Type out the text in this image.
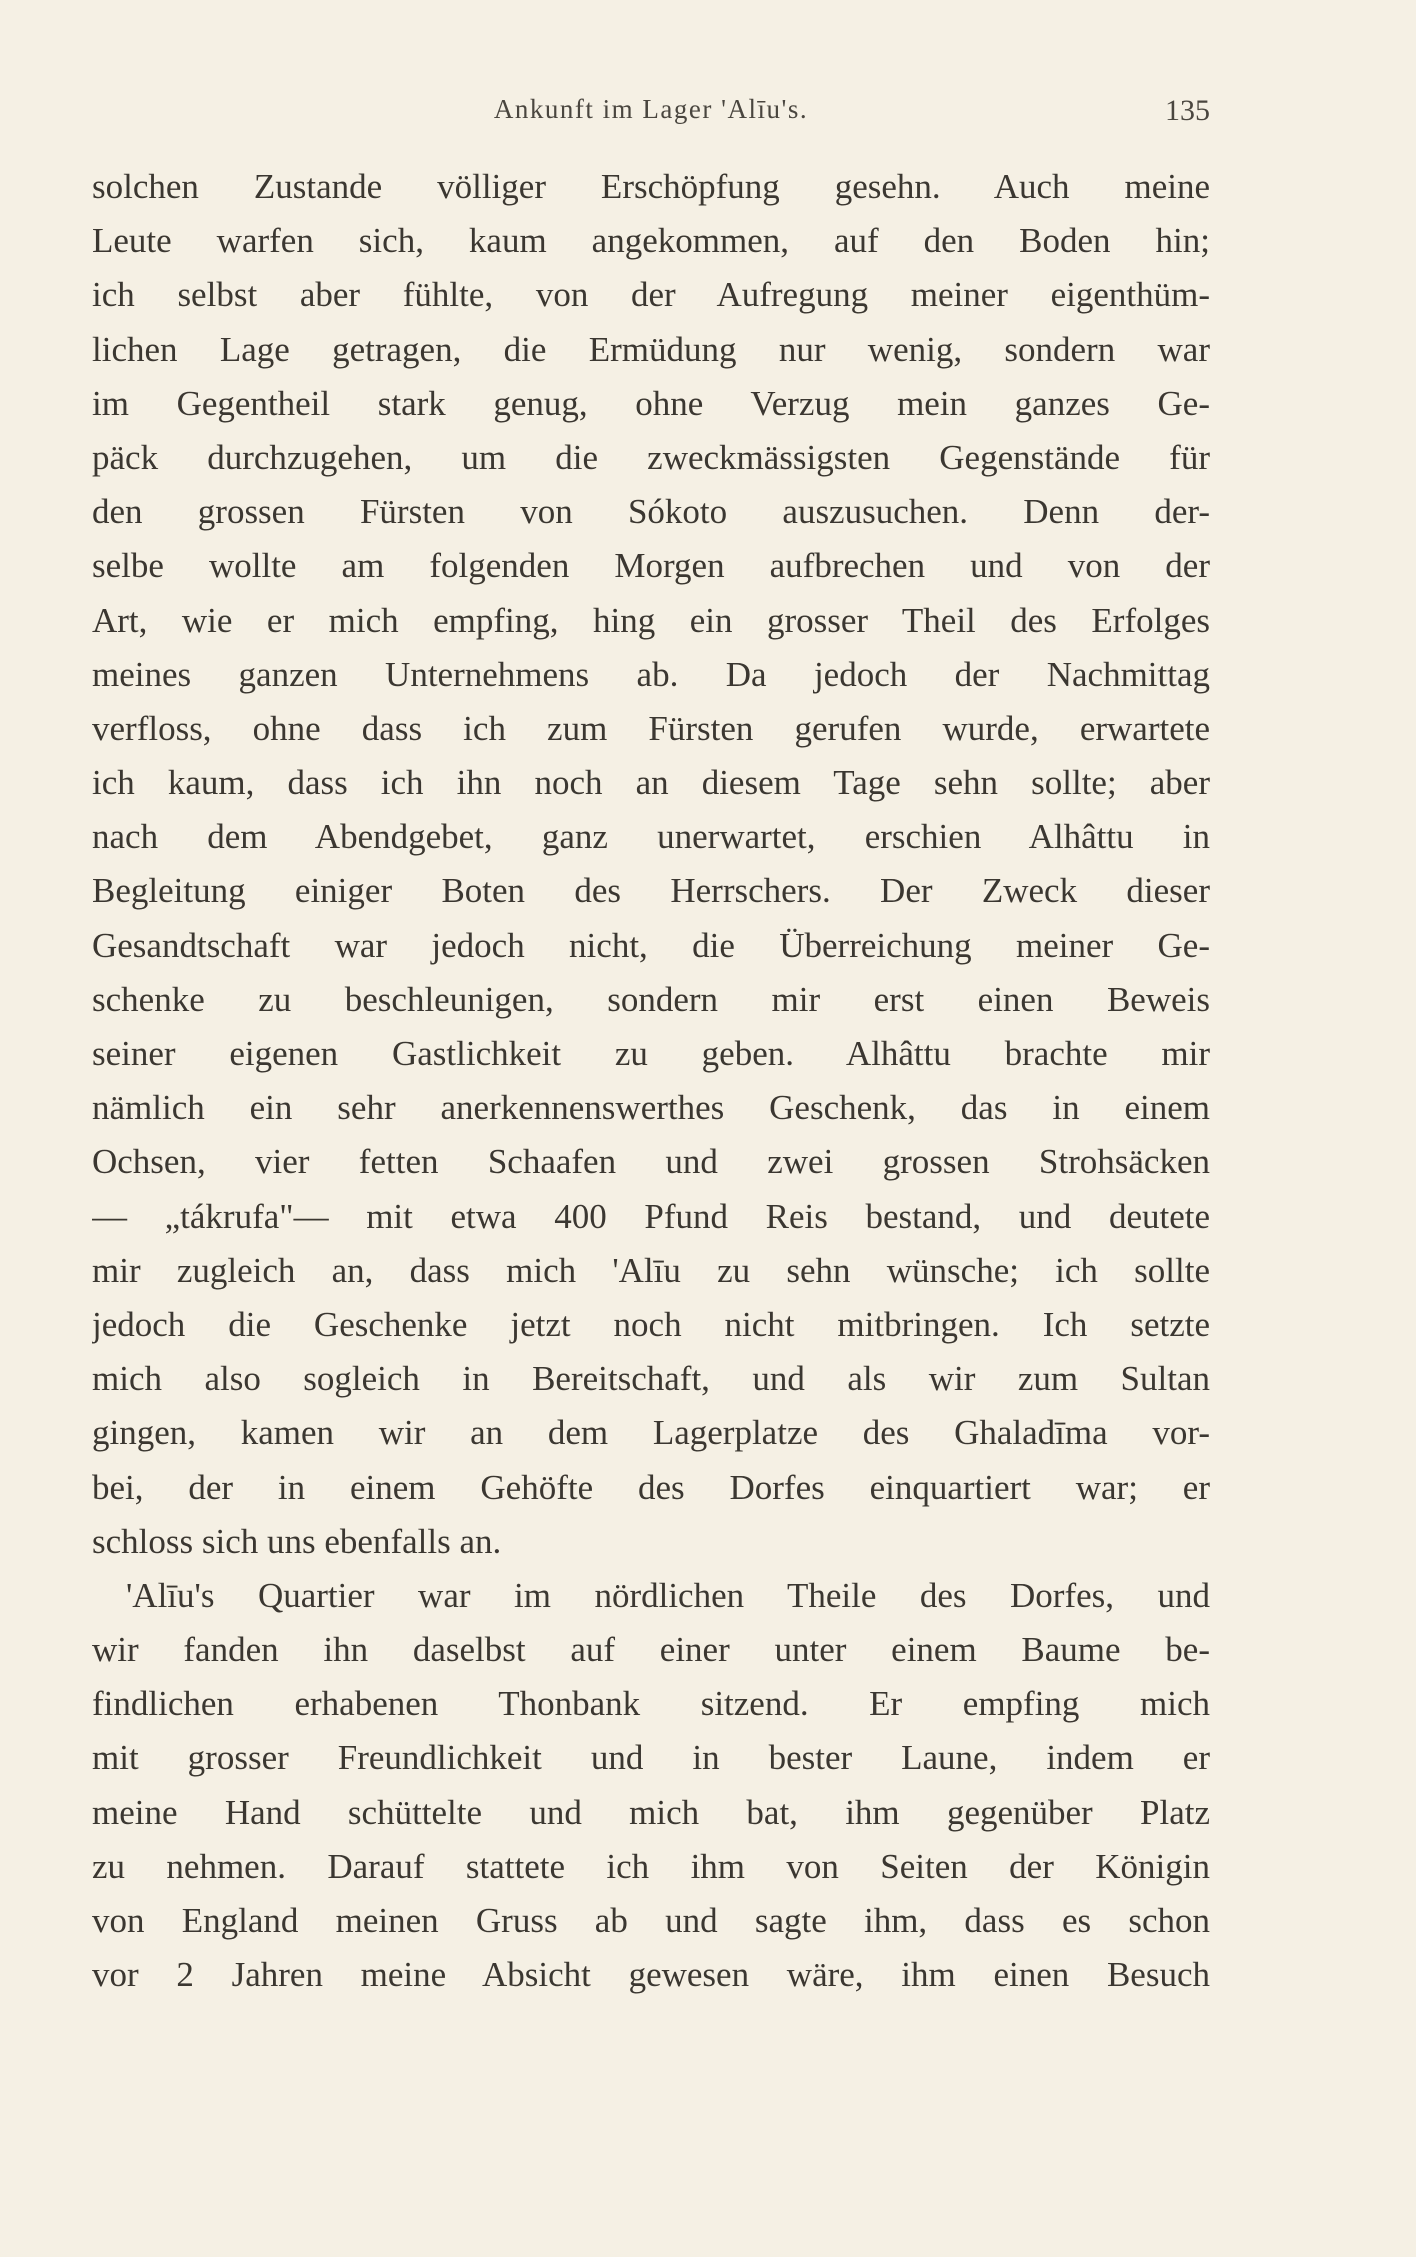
Ankunft im Lager 'Alīu's.	135
solchen Zustande völliger Erschöpfung gesehn. Auch meine
Leute warfen sich, kaum angekommen, auf den Boden hin;
ich selbst aber fühlte, von der Aufregung meiner eigenthüm-
lichen Lage getragen, die Ermüdung nur wenig, sondern war
im Gegentheil stark genug, ohne Verzug mein ganzes Ge-
päck durchzugehen, um die zweckmässigsten Gegenstände für
den grossen Fürsten von Sókoto auszusuchen. Denn der-
selbe wollte am folgenden Morgen aufbrechen und von der
Art, wie er mich empfing, hing ein grosser Theil des Erfolges
meines ganzen Unternehmens ab. Da jedoch der Nachmittag
verfloss, ohne dass ich zum Fürsten gerufen wurde, erwartete
ich kaum, dass ich ihn noch an diesem Tage sehn sollte; aber
nach dem Abendgebet, ganz unerwartet, erschien Alhâttu in
Begleitung einiger Boten des Herrschers. Der Zweck dieser
Gesandtschaft war jedoch nicht, die Überreichung meiner Ge-
schenke zu beschleunigen, sondern mir erst einen Beweis
seiner eigenen Gastlichkeit zu geben. Alhâttu brachte mir
nämlich ein sehr anerkennenswerthes Geschenk, das in einem
Ochsen, vier fetten Schaafen und zwei grossen Strohsäcken
— „tákrufa"— mit etwa 400 Pfund Reis bestand, und deutete
mir zugleich an, dass mich 'Alīu zu sehn wünsche; ich sollte
jedoch die Geschenke jetzt noch nicht mitbringen. Ich setzte
mich also sogleich in Bereitschaft, und als wir zum Sultan
gingen, kamen wir an dem Lagerplatze des Ghaladīma vor-
bei, der in einem Gehöfte des Dorfes einquartiert war; er
schloss sich uns ebenfalls an.
'Alīu's Quartier war im nördlichen Theile des Dorfes, und
wir fanden ihn daselbst auf einer unter einem Baume be-
findlichen erhabenen Thonbank sitzend. Er empfing mich
mit grosser Freundlichkeit und in bester Laune, indem er
meine Hand schüttelte und mich bat, ihm gegenüber Platz
zu nehmen. Darauf stattete ich ihm von Seiten der Königin
von England meinen Gruss ab und sagte ihm, dass es schon
vor 2 Jahren meine Absicht gewesen wäre, ihm einen Besuch
